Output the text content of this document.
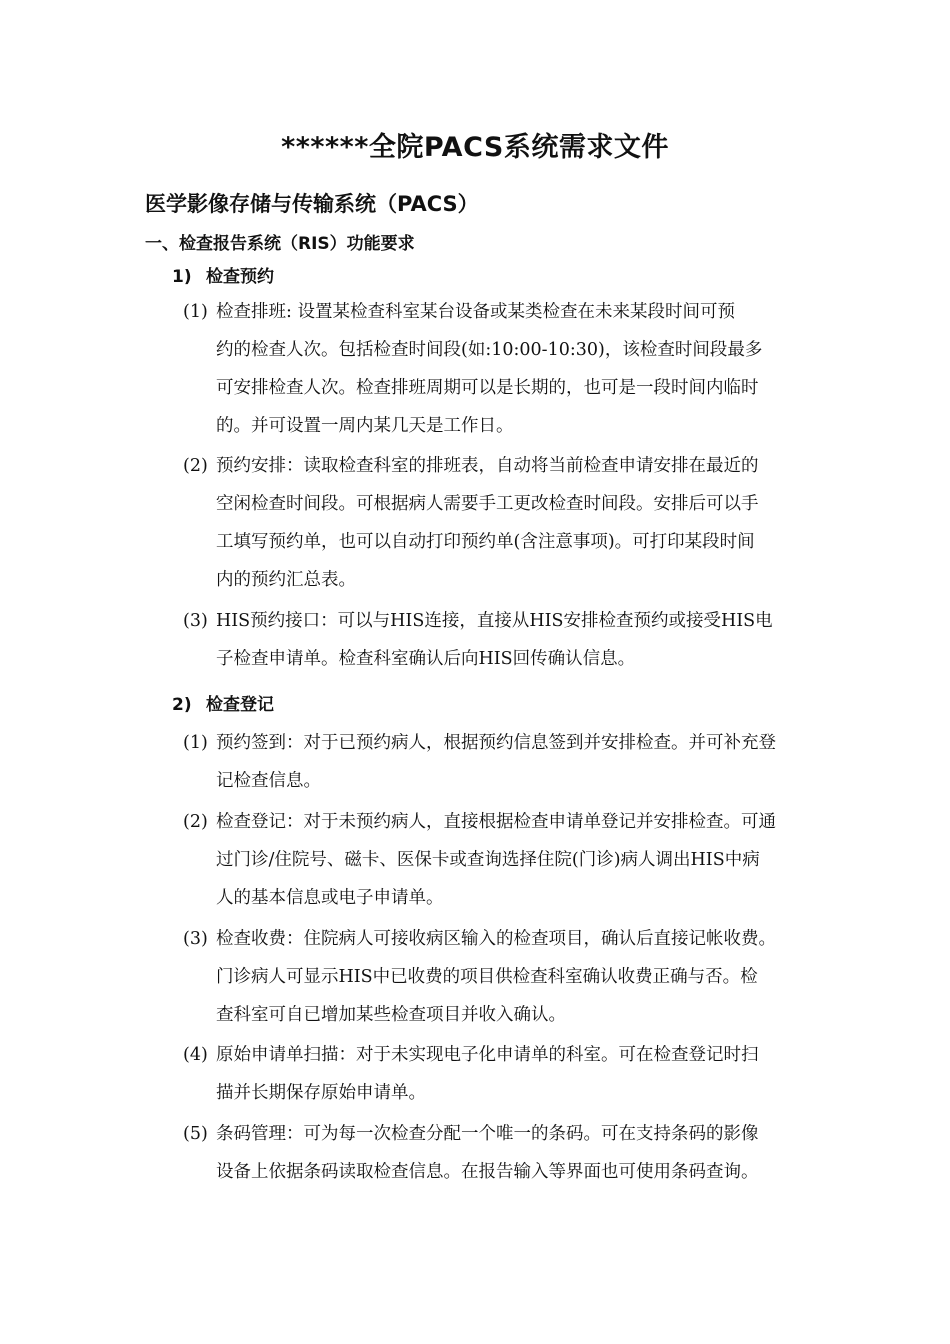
******全院PACS系统需求文件
医学影像存储与传输系统（PACS）
一、检查报告系统（RIS）功能要求
1) 检查预约
(1) 检查排班: 设置某检查科室某台设备或某类检查在未来某段时间可预
约的检查人次。包括检查时间段(如:10:00-10:30)，该检查时间段最多
可安排检查人次。检查排班周期可以是长期的，也可是一段时间内临时
的。并可设置一周内某几天是工作日。
(2) 预约安排：读取检查科室的排班表，自动将当前检查申请安排在最近的
空闲检查时间段。可根据病人需要手工更改检查时间段。安排后可以手
工填写预约单，也可以自动打印预约单(含注意事项)。可打印某段时间
内的预约汇总表。
(3) HIS预约接口：可以与HIS连接，直接从HIS安排检查预约或接受HIS电
子检查申请单。检查科室确认后向HIS回传确认信息。
2) 检查登记
(1) 预约签到：对于已预约病人，根据预约信息签到并安排检查。并可补充登
记检查信息。
(2) 检查登记：对于未预约病人，直接根据检查申请单登记并安排检查。可通
过门诊/住院号、磁卡、医保卡或查询选择住院(门诊)病人调出HIS中病
人的基本信息或电子申请单。
(3) 检查收费：住院病人可接收病区输入的检查项目，确认后直接记帐收费。
门诊病人可显示HIS中已收费的项目供检查科室确认收费正确与否。检
查科室可自已增加某些检查项目并收入确认。
(4) 原始申请单扫描：对于未实现电子化申请单的科室。可在检查登记时扫
描并长期保存原始申请单。
(5) 条码管理：可为每一次检查分配一个唯一的条码。可在支持条码的影像
设备上依据条码读取检查信息。在报告输入等界面也可使用条码查询。
